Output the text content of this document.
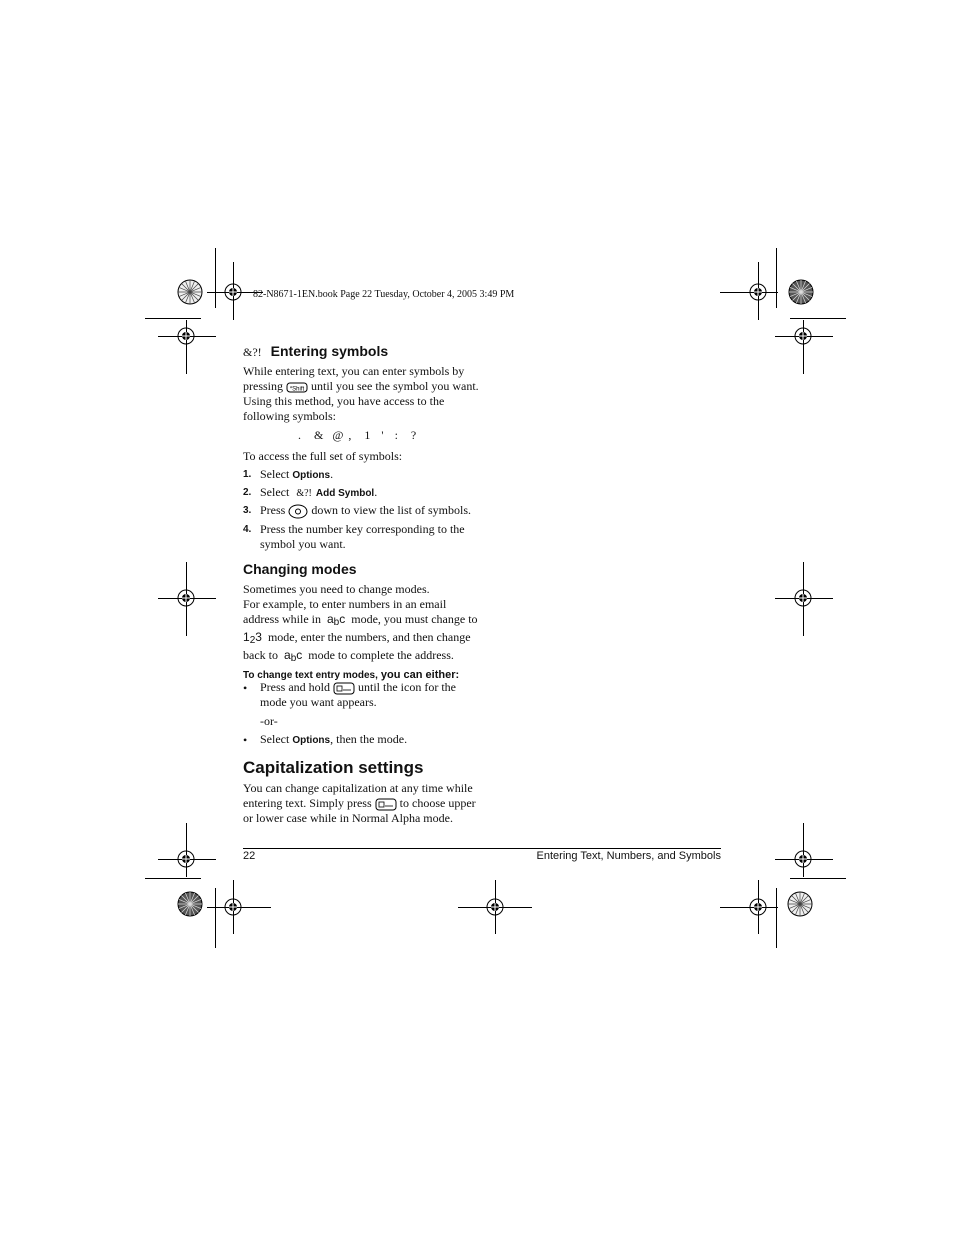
82-N8671-1EN.book Page 22 Tuesday, October 4, 2005 3:49 PM
&?! Entering symbols
While entering text, you can enter symbols by
pressing *Shift until you see the symbol you want.
Using this method, you have access to the
following symbols:
. & @ , 1 ' : ?
To access the full set of symbols:
1. Select Options.
2. Select &?! Add Symbol.
3. Press  down to view the list of symbols.
4. Press the number key corresponding to the
symbol you want.
Changing modes
Sometimes you need to change modes.
For example, to enter numbers in an email
address while in $a_bc$ mode, you must change to
$1_23$ mode, enter the numbers, and then change
back to $a_bc$ mode to complete the address.
To change text entry modes, you can either:
• Press and hold  until the icon for the
mode you want appears.
-or-
• Select Options, then the mode.
Capitalization settings
You can change capitalization at any time while
entering text. Simply press  to choose upper
or lower case while in Normal Alpha mode.
22	Entering Text, Numbers, and Symbols
